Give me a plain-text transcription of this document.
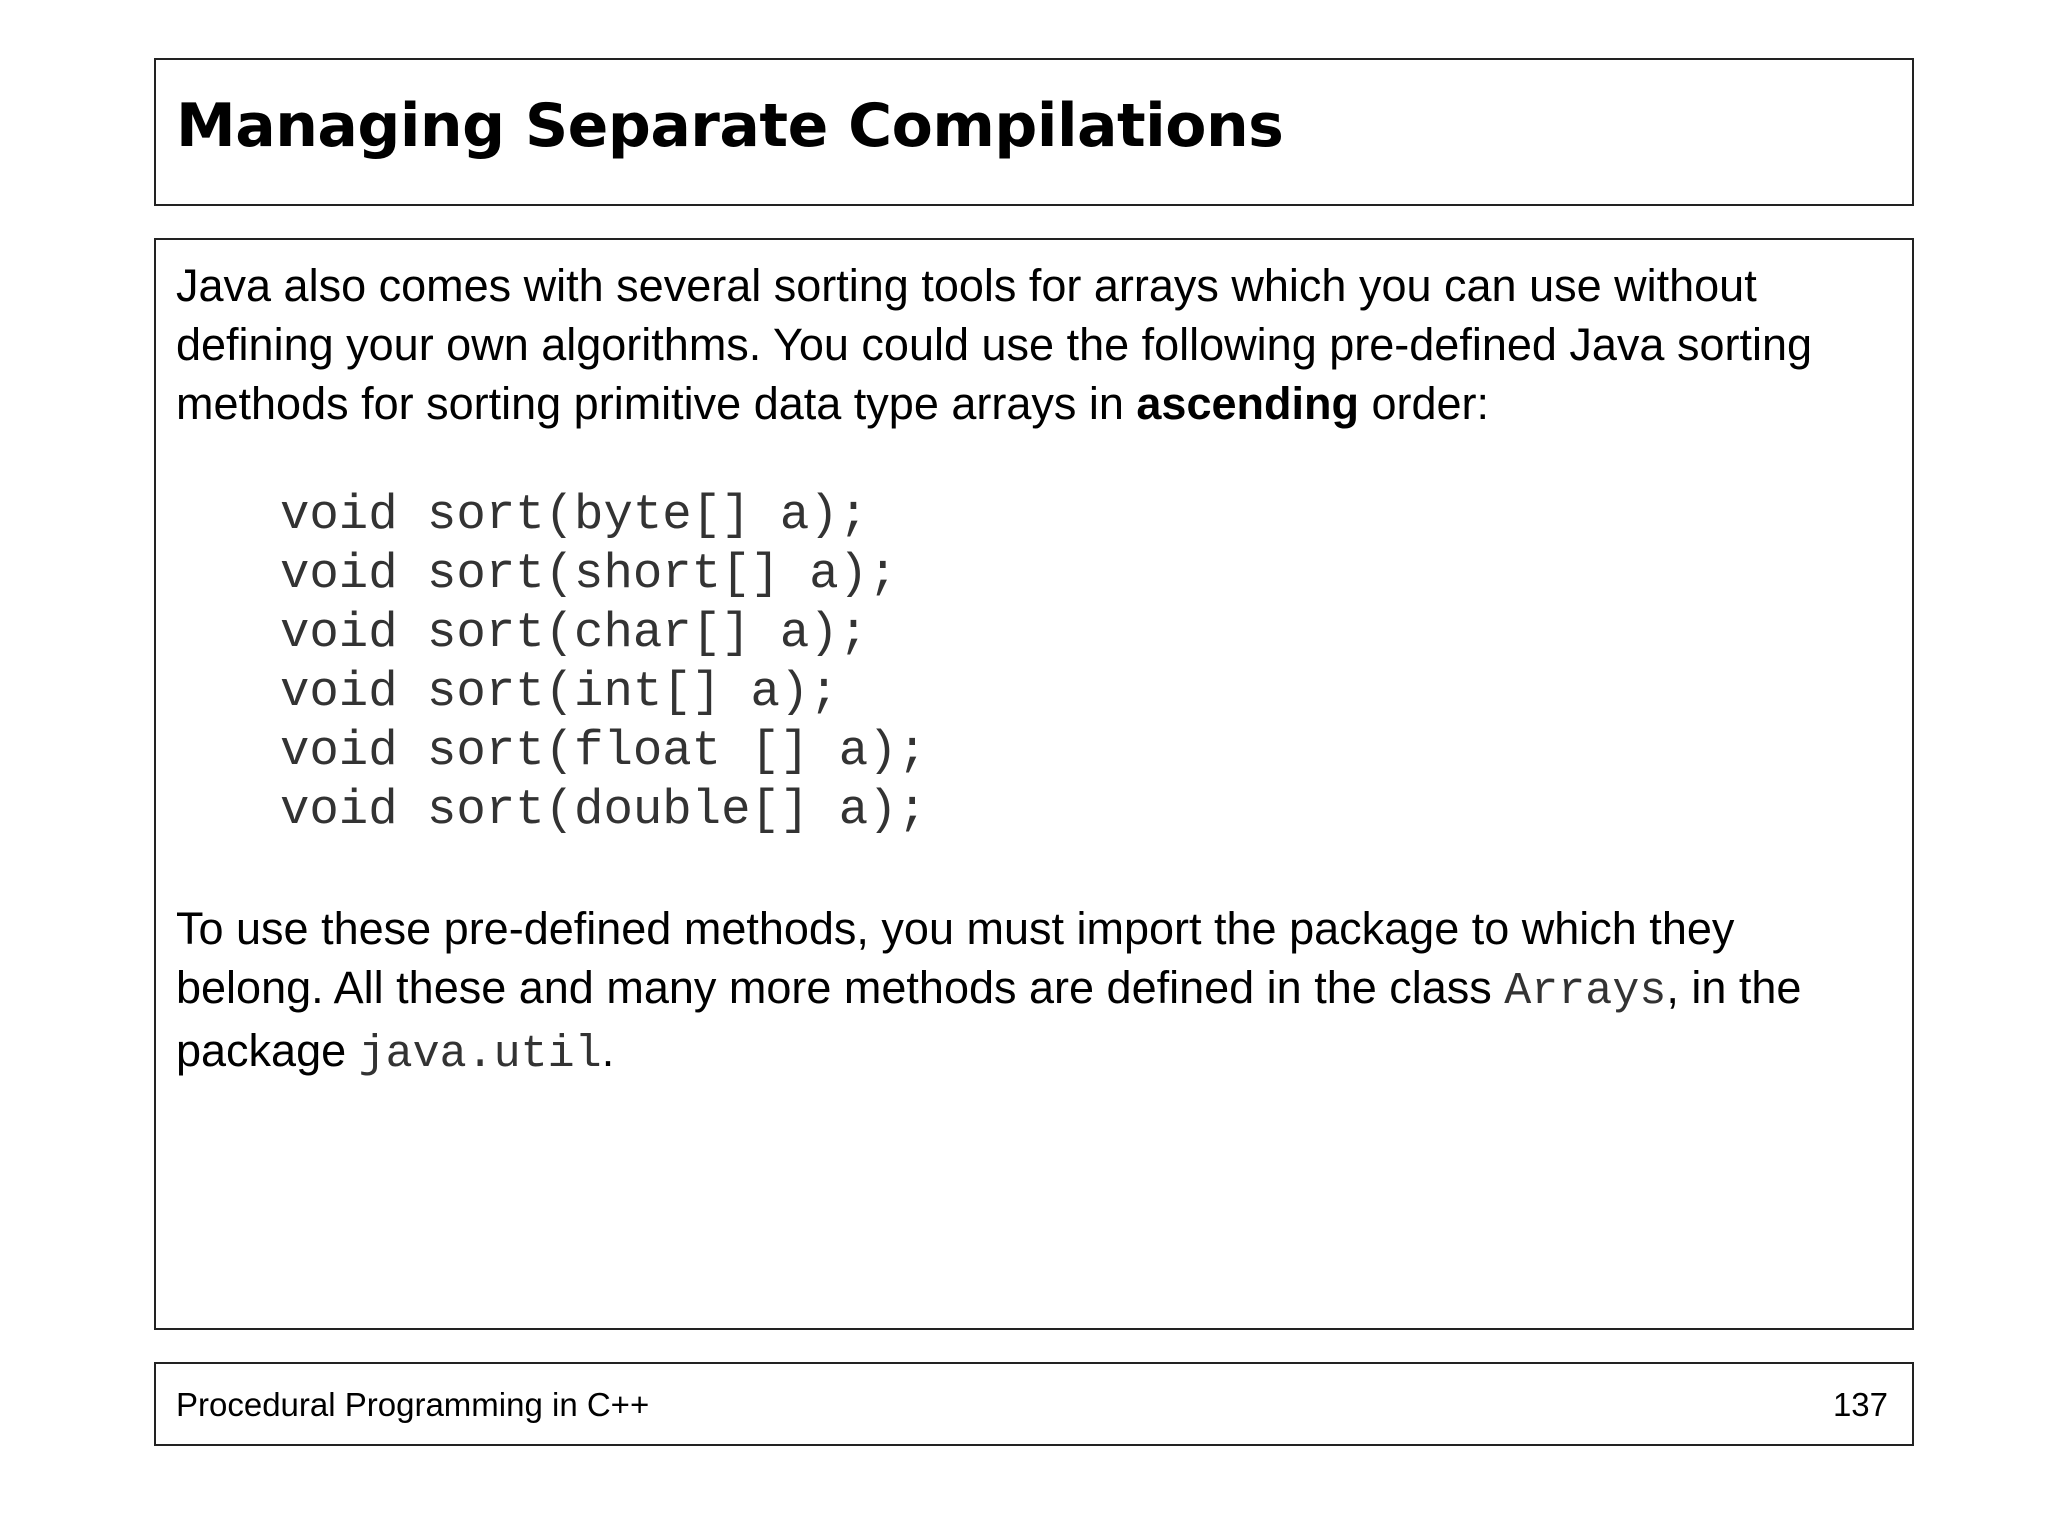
Managing Separate Compilations

Java also comes with several sorting tools for arrays which you can use without defining your own algorithms. You could use the following pre-defined Java sorting methods for sorting primitive data type arrays in ascending order:

void sort(byte[] a);
void sort(short[] a);
void sort(char[] a);
void sort(int[] a);
void sort(float [] a);
void sort(double[] a);

To use these pre-defined methods, you must import the package to which they belong. All these and many more methods are defined in the class Arrays, in the package java.util.

Procedural Programming in C++	137
